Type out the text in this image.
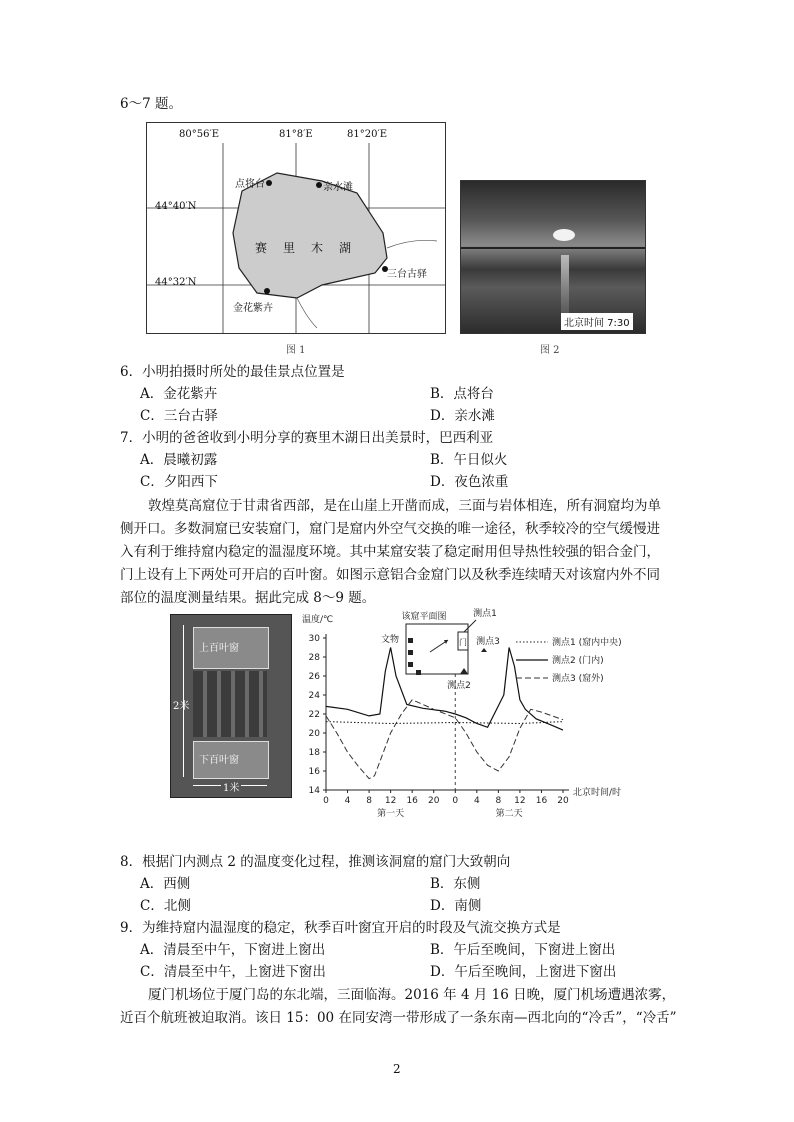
6～7 题。
80°56′E	81°8′E	81°20′E
44°40′N
44°32′N
点将台	亲水滩
三台古驿
金花紫卉
赛 里 木 湖
图 1
北京时间 7:30
图 2
6．小明拍摄时所处的最佳景点位置是
A．金花紫卉	B．点将台
C．三台古驿	D．亲水滩
7．小明的爸爸收到小明分享的赛里木湖日出美景时，巴西利亚
A．晨曦初露	B．午日似火
C．夕阳西下	D．夜色浓重
敦煌莫高窟位于甘肃省西部，是在山崖上开凿而成，三面与岩体相连，所有洞窟均为单
侧开口。多数洞窟已安装窟门，窟门是窟内外空气交换的唯一途径，秋季较冷的空气缓慢进
入有利于维持窟内稳定的温湿度环境。其中某窟安装了稳定耐用但导热性较强的铝合金门，
门上设有上下两处可开启的百叶窗。如图示意铝合金窟门以及秋季连续晴天对该窟内外不同
部位的温度测量结果。据此完成 8～9 题。
上百叶窗
下百叶窗
2米
1米	14
16
18
20
22
24
26
28
30
0 4 8 12 16 20 0 4 8 12 16 20
第一天	第二天
温度/℃
北京时间/时
测点1 (窟内中央)
测点2 (门内)
测点3 (窟外)
该窟平面图
门
文物
测点1
测点2
测点3
8．根据门内测点 2 的温度变化过程，推测该洞窟的窟门大致朝向
A．西侧	B．东侧
C．北侧	D．南侧
9．为维持窟内温湿度的稳定，秋季百叶窗宜开启的时段及气流交换方式是
A．清晨至中午，下窗进上窗出	B．午后至晚间，下窗进上窗出
C．清晨至中午，上窗进下窗出	D．午后至晚间，上窗进下窗出
厦门机场位于厦门岛的东北端，三面临海。2016 年 4 月 16 日晚，厦门机场遭遇浓雾，
近百个航班被迫取消。该日 15：00 在同安湾一带形成了一条东南—西北向的“冷舌”，“冷舌”
2
